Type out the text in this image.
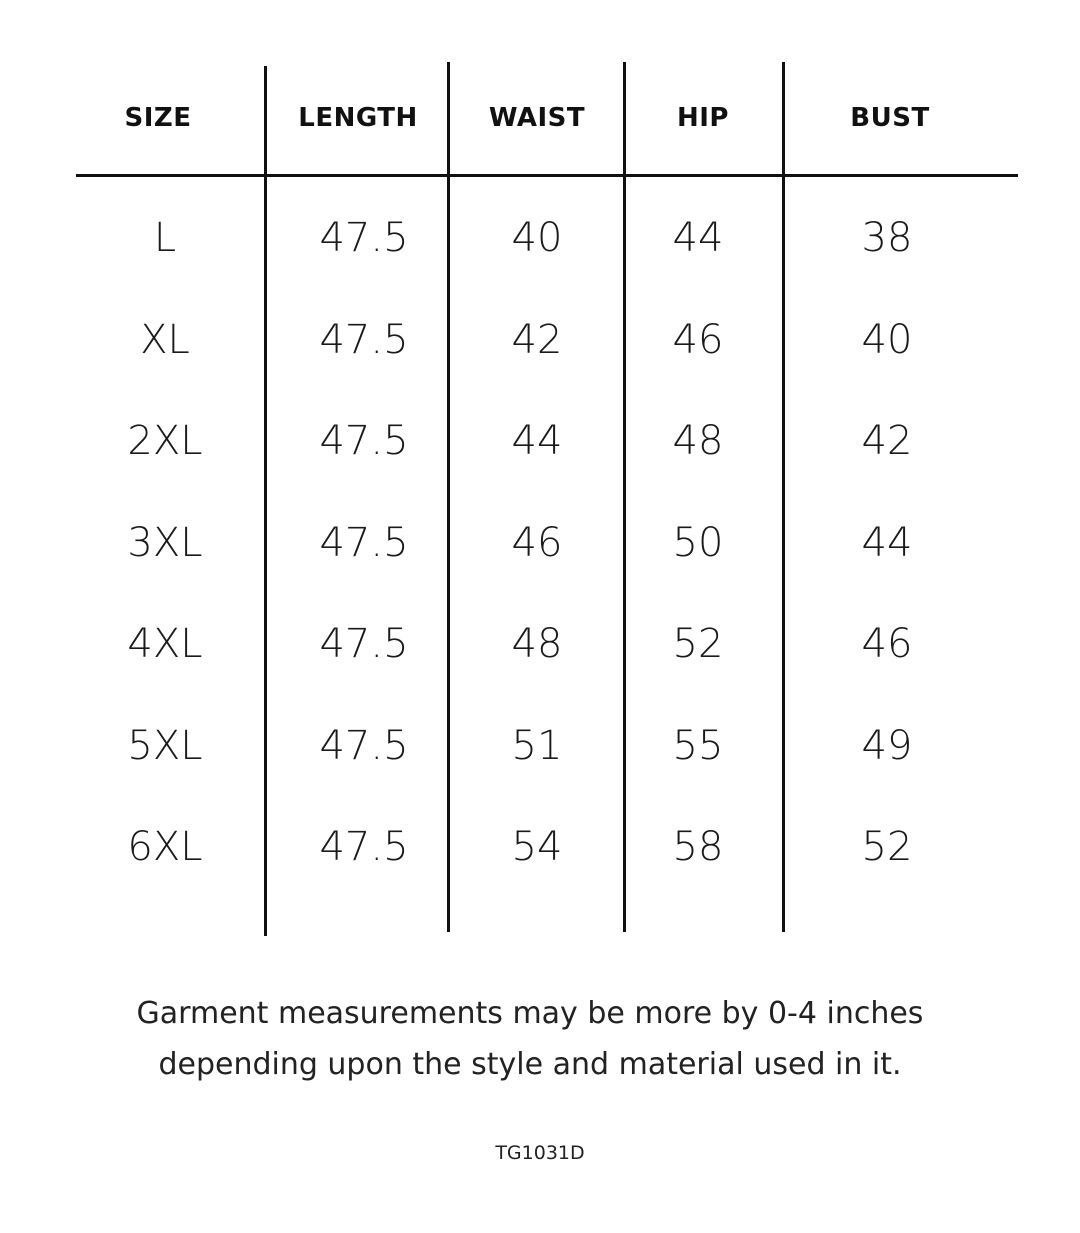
SIZE	LENGTH	WAIST	HIP	BUST
L	47.5	40	44	38
XL	47.5	42	46	40
2XL	47.5	44	48	42
3XL	47.5	46	50	44
4XL	47.5	48	52	46
5XL	47.5	51	55	49
6XL	47.5	54	58	52
Garment measurements may be more by 0-4 inches
depending upon the style and material used in it.
TG1031D
